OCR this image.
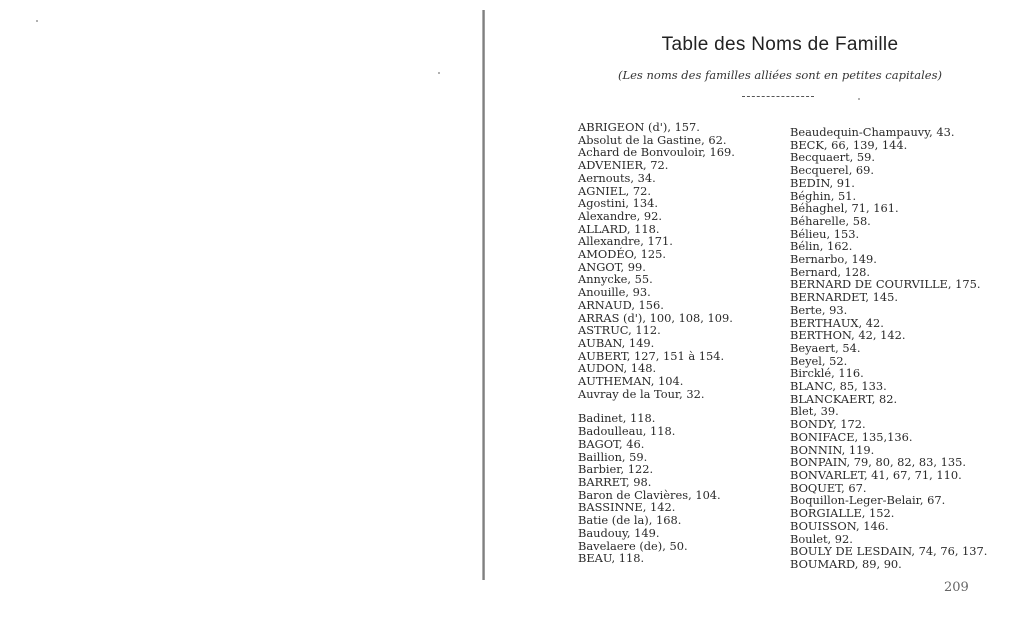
Table des Noms de Famille
(Les noms des familles alliées sont en petites capitales)
ABRIGEON (d'), 157.
Absolut de la Gastine, 62.
Achard de Bonvouloir, 169.
ADVENIER, 72.
Aernouts, 34.
AGNIEL, 72.
Agostini, 134.
Alexandre, 92.
ALLARD, 118.
Allexandre, 171.
AMODÉO, 125.
ANGOT, 99.
Annycke, 55.
Anouille, 93.
ARNAUD, 156.
ARRAS (d'), 100, 108, 109.
ASTRUC, 112.
AUBAN, 149.
AUBERT, 127, 151 à 154.
AUDON, 148.
AUTHEMAN, 104.
Auvray de la Tour, 32.
Badinet, 118.
Badoulleau, 118.
BAGOT, 46.
Baillion, 59.
Barbier, 122.
BARRET, 98.
Baron de Clavières, 104.
BASSINNE, 142.
Batie (de la), 168.
Baudouy, 149.
Bavelaere (de), 50.
BEAU, 118.
Beaudequin-Champauvy, 43.
BECK, 66, 139, 144.
Becquaert, 59.
Becquerel, 69.
BEDIN, 91.
Béghin, 51.
Béhaghel, 71, 161.
Béharelle, 58.
Bélieu, 153.
Bélin, 162.
Bernarbo, 149.
Bernard, 128.
BERNARD DE COURVILLE, 175.
BERNARDET, 145.
Berte, 93.
BERTHAUX, 42.
BERTHON, 42, 142.
Beyaert, 54.
Beyel, 52.
Bircklé, 116.
BLANC, 85, 133.
BLANCKAERT, 82.
Blet, 39.
BONDY, 172.
BONIFACE, 135,136.
BONNIN, 119.
BONPAIN, 79, 80, 82, 83, 135.
BONVARLET, 41, 67, 71, 110.
BOQUET, 67.
Boquillon-Leger-Belair, 67.
BORGIALLE, 152.
BOUISSON, 146.
Boulet, 92.
BOULY DE LESDAIN, 74, 76, 137.
BOUMARD, 89, 90.
209
